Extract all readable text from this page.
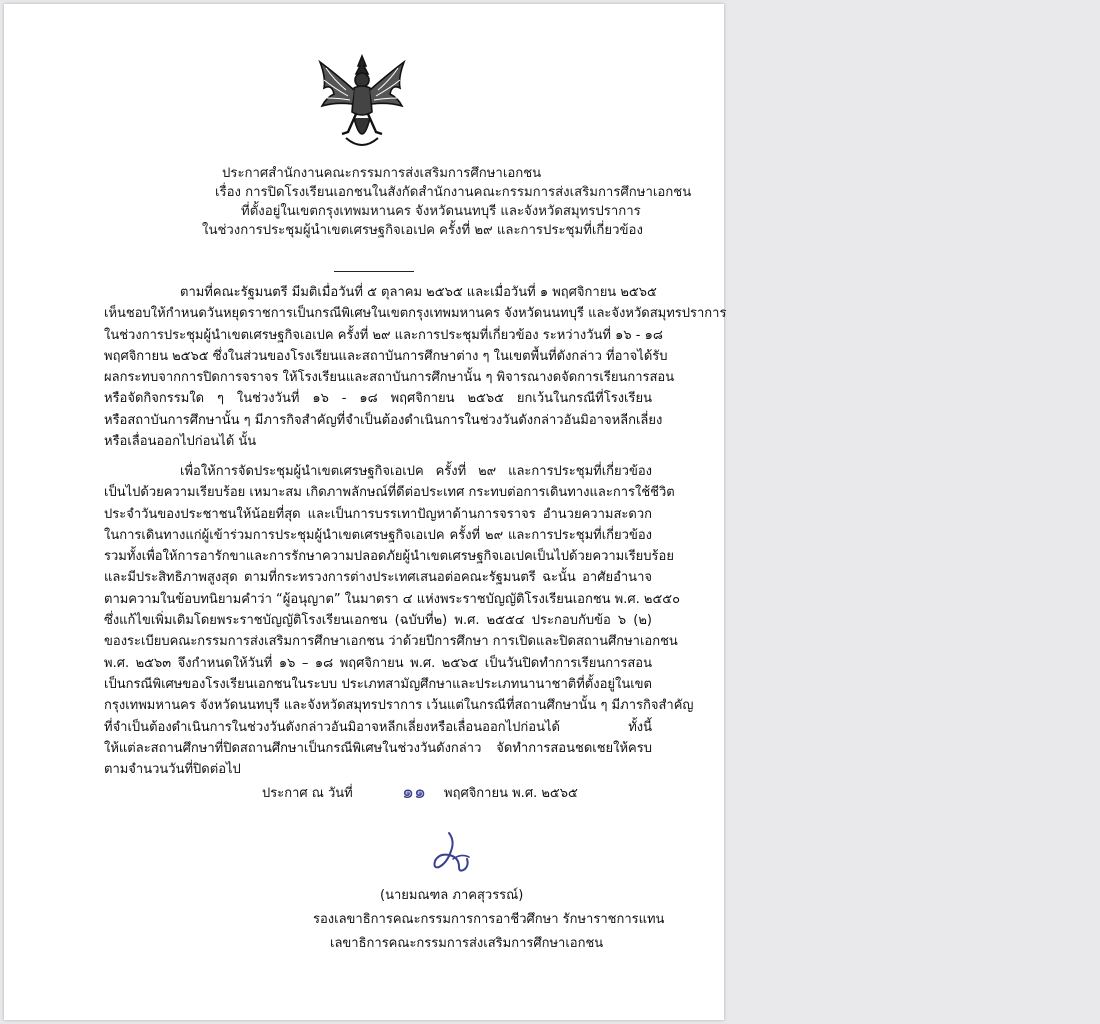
ประกาศสำนักงานคณะกรรมการส่งเสริมการศึกษาเอกชน
เรื่อง การปิดโรงเรียนเอกชนในสังกัดสำนักงานคณะกรรมการส่งเสริมการศึกษาเอกชน
ที่ตั้งอยู่ในเขตกรุงเทพมหานคร จังหวัดนนทบุรี และจังหวัดสมุทรปราการ
ในช่วงการประชุมผู้นำเขตเศรษฐกิจเอเปค ครั้งที่ ๒๙ และการประชุมที่เกี่ยวข้อง
ตามที่คณะรัฐมนตรี มีมติเมื่อวันที่ ๕ ตุลาคม ๒๕๖๕ และเมื่อวันที่ ๑ พฤศจิกายน ๒๕๖๕
เห็นชอบให้กำหนดวันหยุดราชการเป็นกรณีพิเศษในเขตกรุงเทพมหานคร จังหวัดนนทบุรี และจังหวัดสมุทรปราการ
ในช่วงการประชุมผู้นำเขตเศรษฐกิจเอเปค ครั้งที่ ๒๙ และการประชุมที่เกี่ยวข้อง ระหว่างวันที่ ๑๖ - ๑๘
พฤศจิกายน ๒๕๖๕ ซึ่งในส่วนของโรงเรียนและสถาบันการศึกษาต่าง ๆ ในเขตพื้นที่ดังกล่าว ที่อาจได้รับ
ผลกระทบจากการปิดการจราจร ให้โรงเรียนและสถาบันการศึกษานั้น ๆ พิจารณางดจัดการเรียนการสอน
หรือจัดกิจกรรมใด ๆ ในช่วงวันที่ ๑๖ - ๑๘ พฤศจิกายน ๒๕๖๕ ยกเว้นในกรณีที่โรงเรียน
หรือสถาบันการศึกษานั้น ๆ มีภารกิจสำคัญที่จำเป็นต้องดำเนินการในช่วงวันดังกล่าวอันมิอาจหลีกเลี่ยง
หรือเลื่อนออกไปก่อนได้ นั้น
เพื่อให้การจัดประชุมผู้นำเขตเศรษฐกิจเอเปค ครั้งที่ ๒๙ และการประชุมที่เกี่ยวข้อง
เป็นไปด้วยความเรียบร้อย เหมาะสม เกิดภาพลักษณ์ที่ดีต่อประเทศ กระทบต่อการเดินทางและการใช้ชีวิต
ประจำวันของประชาชนให้น้อยที่สุด และเป็นการบรรเทาปัญหาด้านการจราจร อำนวยความสะดวก
ในการเดินทางแก่ผู้เข้าร่วมการประชุมผู้นำเขตเศรษฐกิจเอเปค ครั้งที่ ๒๙ และการประชุมที่เกี่ยวข้อง
รวมทั้งเพื่อให้การอารักขาและการรักษาความปลอดภัยผู้นำเขตเศรษฐกิจเอเปคเป็นไปด้วยความเรียบร้อย
และมีประสิทธิภาพสูงสุด ตามที่กระทรวงการต่างประเทศเสนอต่อคณะรัฐมนตรี ฉะนั้น อาศัยอำนาจ
ตามความในข้อบทนิยามคำว่า “ผู้อนุญาต” ในมาตรา ๔ แห่งพระราชบัญญัติโรงเรียนเอกชน พ.ศ. ๒๕๕๐
ซึ่งแก้ไขเพิ่มเติมโดยพระราชบัญญัติโรงเรียนเอกชน (ฉบับที่๒) พ.ศ. ๒๕๕๔ ประกอบกับข้อ ๖ (๒)
ของระเบียบคณะกรรมการส่งเสริมการศึกษาเอกชน ว่าด้วยปีการศึกษา การเปิดและปิดสถานศึกษาเอกชน
พ.ศ. ๒๕๖๓ จึงกำหนดให้วันที่ ๑๖ – ๑๘ พฤศจิกายน พ.ศ. ๒๕๖๕ เป็นวันปิดทำการเรียนการสอน
เป็นกรณีพิเศษของโรงเรียนเอกชนในระบบ ประเภทสามัญศึกษาและประเภทนานาชาติที่ตั้งอยู่ในเขต
กรุงเทพมหานคร จังหวัดนนทบุรี และจังหวัดสมุทรปราการ เว้นแต่ในกรณีที่สถานศึกษานั้น ๆ มีภารกิจสำคัญ
ที่จำเป็นต้องดำเนินการในช่วงวันดังกล่าวอันมิอาจหลีกเลี่ยงหรือเลื่อนออกไปก่อนได้ ทั้งนี้
ให้แต่ละสถานศึกษาที่ปิดสถานศึกษาเป็นกรณีพิเศษในช่วงวันดังกล่าว จัดทำการสอนชดเชยให้ครบ
ตามจำนวนวันที่ปิดต่อไป
ประกาศ ณ วันที่	๑๑ พฤศจิกายน พ.ศ. ๒๕๖๕
(นายมณฑล ภาคสุวรรณ์)
รองเลขาธิการคณะกรรมการการอาชีวศึกษา รักษาราชการแทน
เลขาธิการคณะกรรมการส่งเสริมการศึกษาเอกชน
